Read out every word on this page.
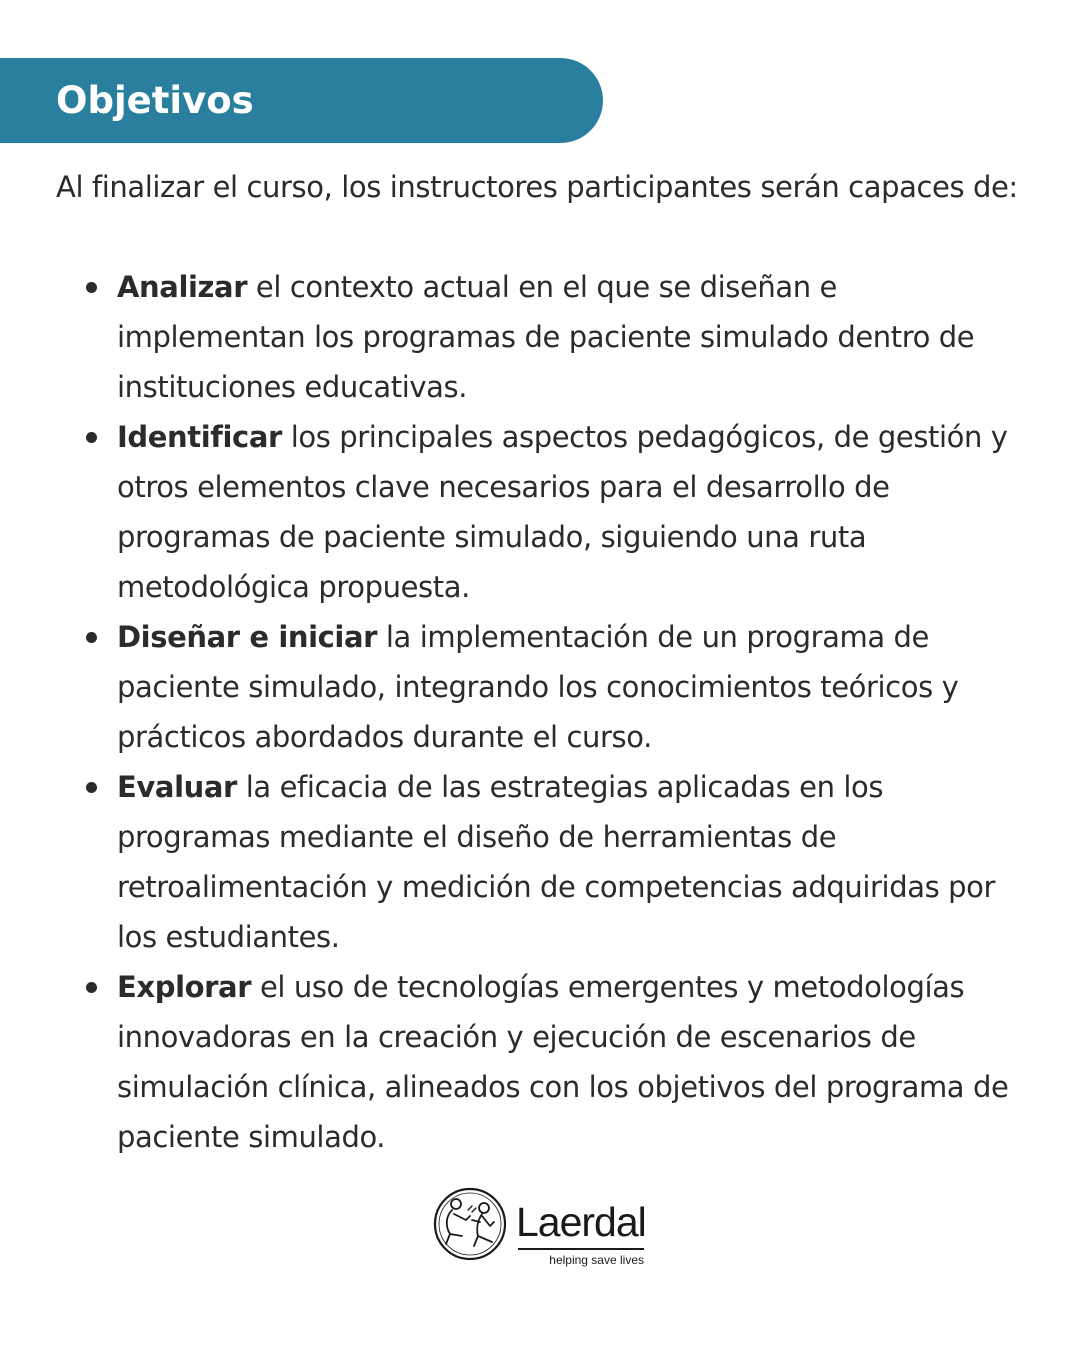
Objetivos

Al finalizar el curso, los instructores participantes serán capaces de:

Analizar el contexto actual en el que se diseñan e implementan los programas de paciente simulado dentro de instituciones educativas.
Identificar los principales aspectos pedagógicos, de gestión y otros elementos clave necesarios para el desarrollo de programas de paciente simulado, siguiendo una ruta metodológica propuesta.
Diseñar e iniciar la implementación de un programa de paciente simulado, integrando los conocimientos teóricos y prácticos abordados durante el curso.
Evaluar la eficacia de las estrategias aplicadas en los programas mediante el diseño de herramientas de retroalimentación y medición de competencias adquiridas por los estudiantes.
Explorar el uso de tecnologías emergentes y metodologías innovadoras en la creación y ejecución de escenarios de simulación clínica, alineados con los objetivos del programa de paciente simulado.
Laerdal
helping save lives
